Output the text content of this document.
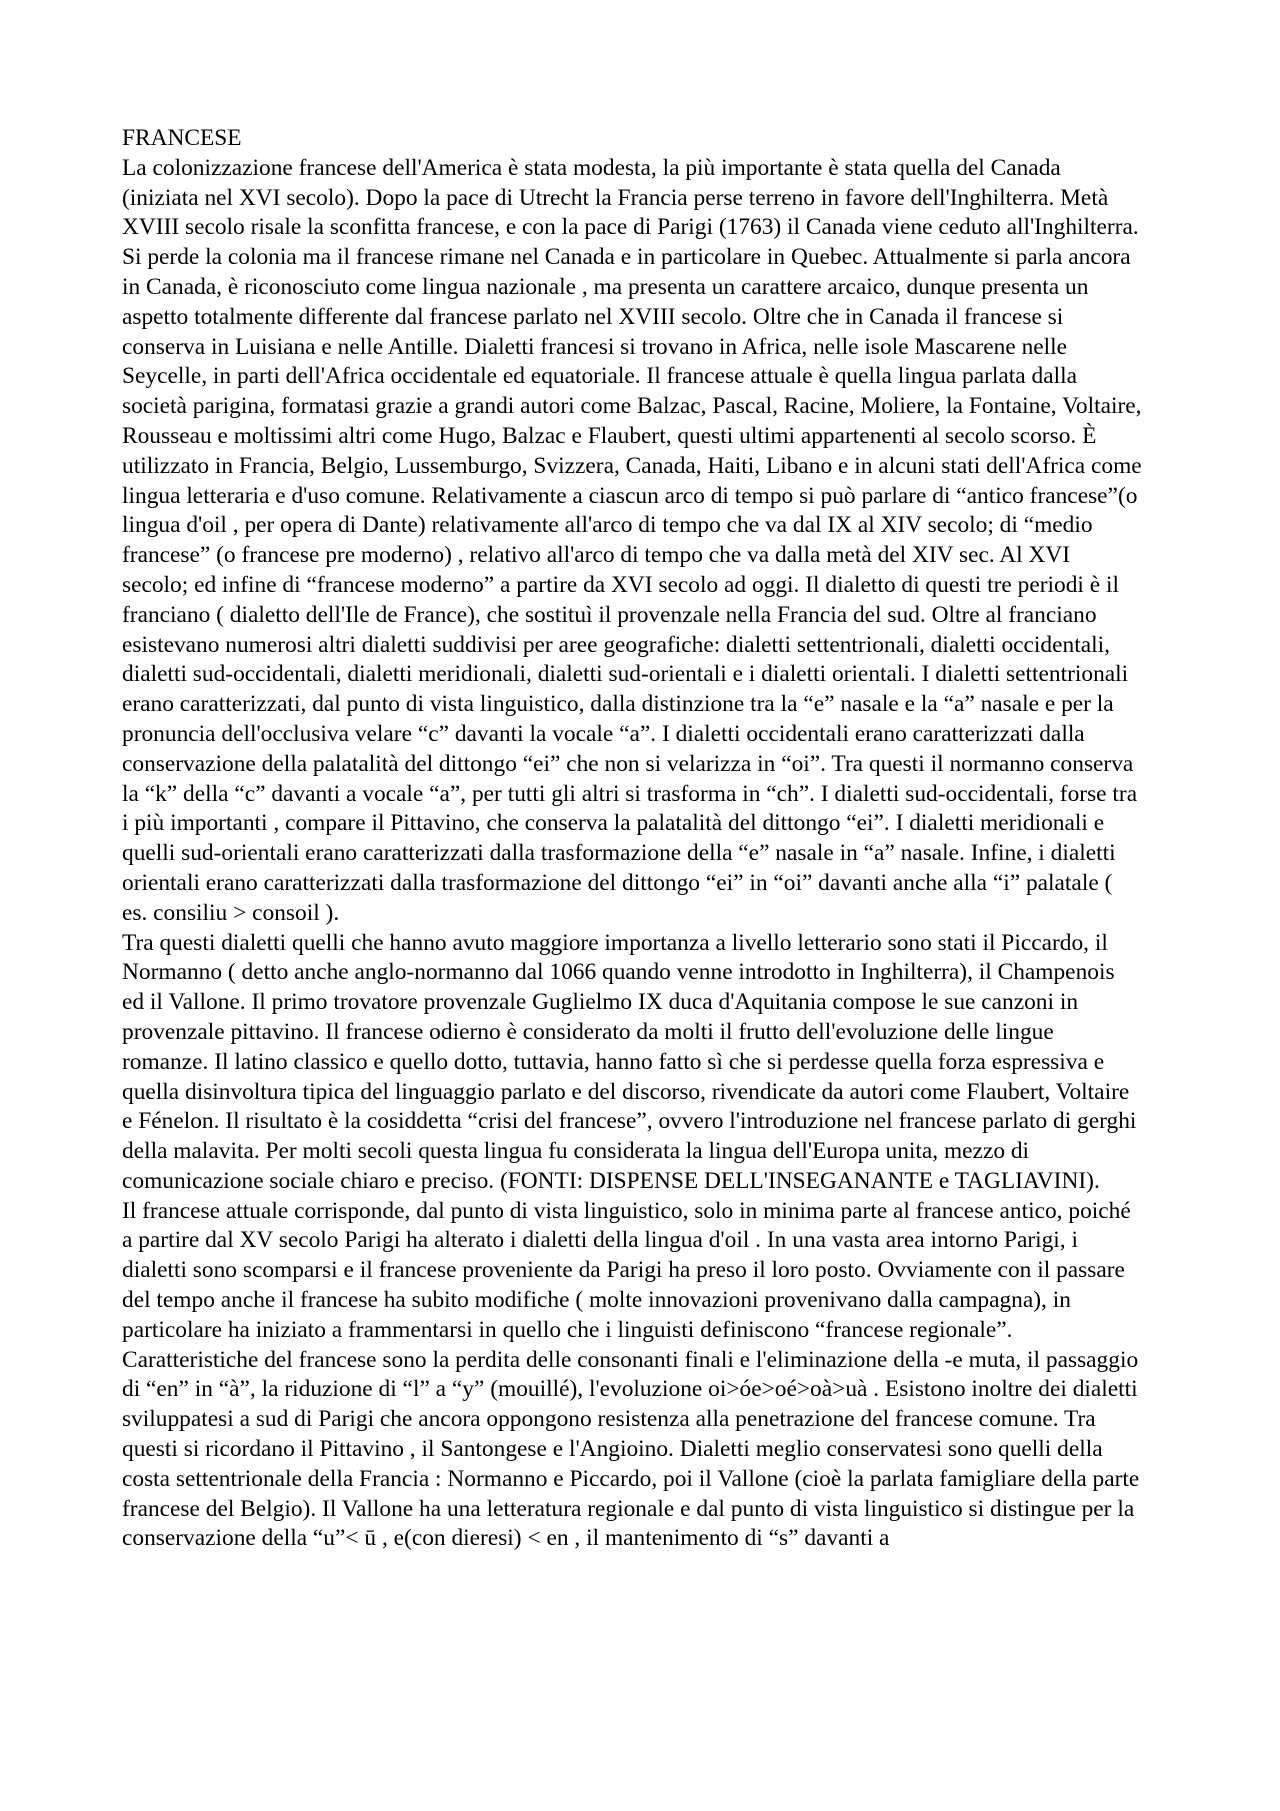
FRANCESE

La colonizzazione francese dell'America è stata modesta, la più importante è stata quella del Canada (iniziata nel XVI secolo). Dopo la pace di Utrecht la Francia perse terreno in favore dell'Inghilterra. Metà XVIII secolo risale la sconfitta francese, e con la pace di Parigi (1763) il Canada viene ceduto all'Inghilterra. Si perde la colonia ma il francese rimane nel Canada e in particolare in Quebec. Attualmente si parla ancora in Canada, è riconosciuto come lingua nazionale , ma presenta un carattere arcaico, dunque presenta un aspetto totalmente differente dal francese parlato nel XVIII secolo. Oltre che in Canada il francese si conserva in Luisiana e nelle Antille. Dialetti francesi si trovano in Africa, nelle isole Mascarene nelle Seycelle, in parti dell'Africa occidentale ed equatoriale. Il francese attuale è quella lingua parlata dalla società parigina, formatasi grazie a grandi autori come Balzac, Pascal, Racine, Moliere, la Fontaine, Voltaire, Rousseau e moltissimi altri come Hugo, Balzac e Flaubert, questi ultimi appartenenti al secolo scorso. È utilizzato in Francia, Belgio, Lussemburgo, Svizzera, Canada, Haiti, Libano e in alcuni stati dell'Africa come lingua letteraria e d'uso comune. Relativamente a ciascun arco di tempo si può parlare di “antico francese”(o lingua d'oil , per opera di Dante) relativamente all'arco di tempo che va dal IX al XIV secolo; di “medio francese” (o francese pre moderno) , relativo all'arco di tempo che va dalla metà del XIV sec. Al XVI secolo; ed infine di “francese moderno” a partire da XVI secolo ad oggi. Il dialetto di questi tre periodi è il franciano ( dialetto dell'Ile de France), che sostituì il provenzale nella Francia del sud. Oltre al franciano esistevano numerosi altri dialetti suddivisi per aree geografiche: dialetti settentrionali, dialetti occidentali, dialetti sud-occidentali, dialetti meridionali, dialetti sud-orientali e i dialetti orientali. I dialetti settentrionali erano caratterizzati, dal punto di vista linguistico, dalla distinzione tra la “e” nasale e la “a” nasale e per la pronuncia dell'occlusiva velare “c” davanti la vocale “a”. I dialetti occidentali erano caratterizzati dalla conservazione della palatalità del dittongo “ei” che non si velarizza in “oi”. Tra questi il normanno conserva la “k” della “c” davanti a vocale “a”, per tutti gli altri si trasforma in “ch”. I dialetti sud-occidentali, forse tra i più importanti , compare il Pittavino, che conserva la palatalità del dittongo “ei”. I dialetti meridionali e quelli sud-orientali erano caratterizzati dalla trasformazione della “e” nasale in “a” nasale. Infine, i dialetti orientali erano caratterizzati dalla trasformazione del dittongo “ei” in “oi” davanti anche alla “i” palatale ( es. consiliu > consoil ).

Tra questi dialetti quelli che hanno avuto maggiore importanza a livello letterario sono stati il Piccardo, il Normanno ( detto anche anglo-normanno dal 1066 quando venne introdotto in Inghilterra), il Champenois ed il Vallone. Il primo trovatore provenzale Guglielmo IX duca d'Aquitania compose le sue canzoni in provenzale pittavino. Il francese odierno è considerato da molti il frutto dell'evoluzione delle lingue romanze. Il latino classico e quello dotto, tuttavia, hanno fatto sì che si perdesse quella forza espressiva e quella disinvoltura tipica del linguaggio parlato e del discorso, rivendicate da autori come Flaubert, Voltaire e Fénelon. Il risultato è la cosiddetta “crisi del francese”, ovvero l'introduzione nel francese parlato di gerghi della malavita. Per molti secoli questa lingua fu considerata la lingua dell'Europa unita, mezzo di comunicazione sociale chiaro e preciso. (FONTI: DISPENSE DELL'INSEGANANTE e TAGLIAVINI).

Il francese attuale corrisponde, dal punto di vista linguistico, solo in minima parte al francese antico, poiché a partire dal XV secolo Parigi ha alterato i dialetti della lingua d'oil . In una vasta area intorno Parigi, i dialetti sono scomparsi e il francese proveniente da Parigi ha preso il loro posto. Ovviamente con il passare del tempo anche il francese ha subito modifiche ( molte innovazioni provenivano dalla campagna), in particolare ha iniziato a frammentarsi in quello che i linguisti definiscono “francese regionale”. Caratteristiche del francese sono la perdita delle consonanti finali e l'eliminazione della -e muta, il passaggio di “en” in “à”, la riduzione di “l” a “y” (mouillé), l'evoluzione oi>óe>oé>oà>uà . Esistono inoltre dei dialetti sviluppatesi a sud di Parigi che ancora oppongono resistenza alla penetrazione del francese comune. Tra questi si ricordano il Pittavino , il Santongese e l'Angioino. Dialetti meglio conservatesi sono quelli della costa settentrionale della Francia : Normanno e Piccardo, poi il Vallone (cioè la parlata famigliare della parte francese del Belgio). Il Vallone ha una letteratura regionale e dal punto di vista linguistico si distingue per la conservazione della “u”< ū , e(con dieresi) < en , il mantenimento di “s” davanti a
